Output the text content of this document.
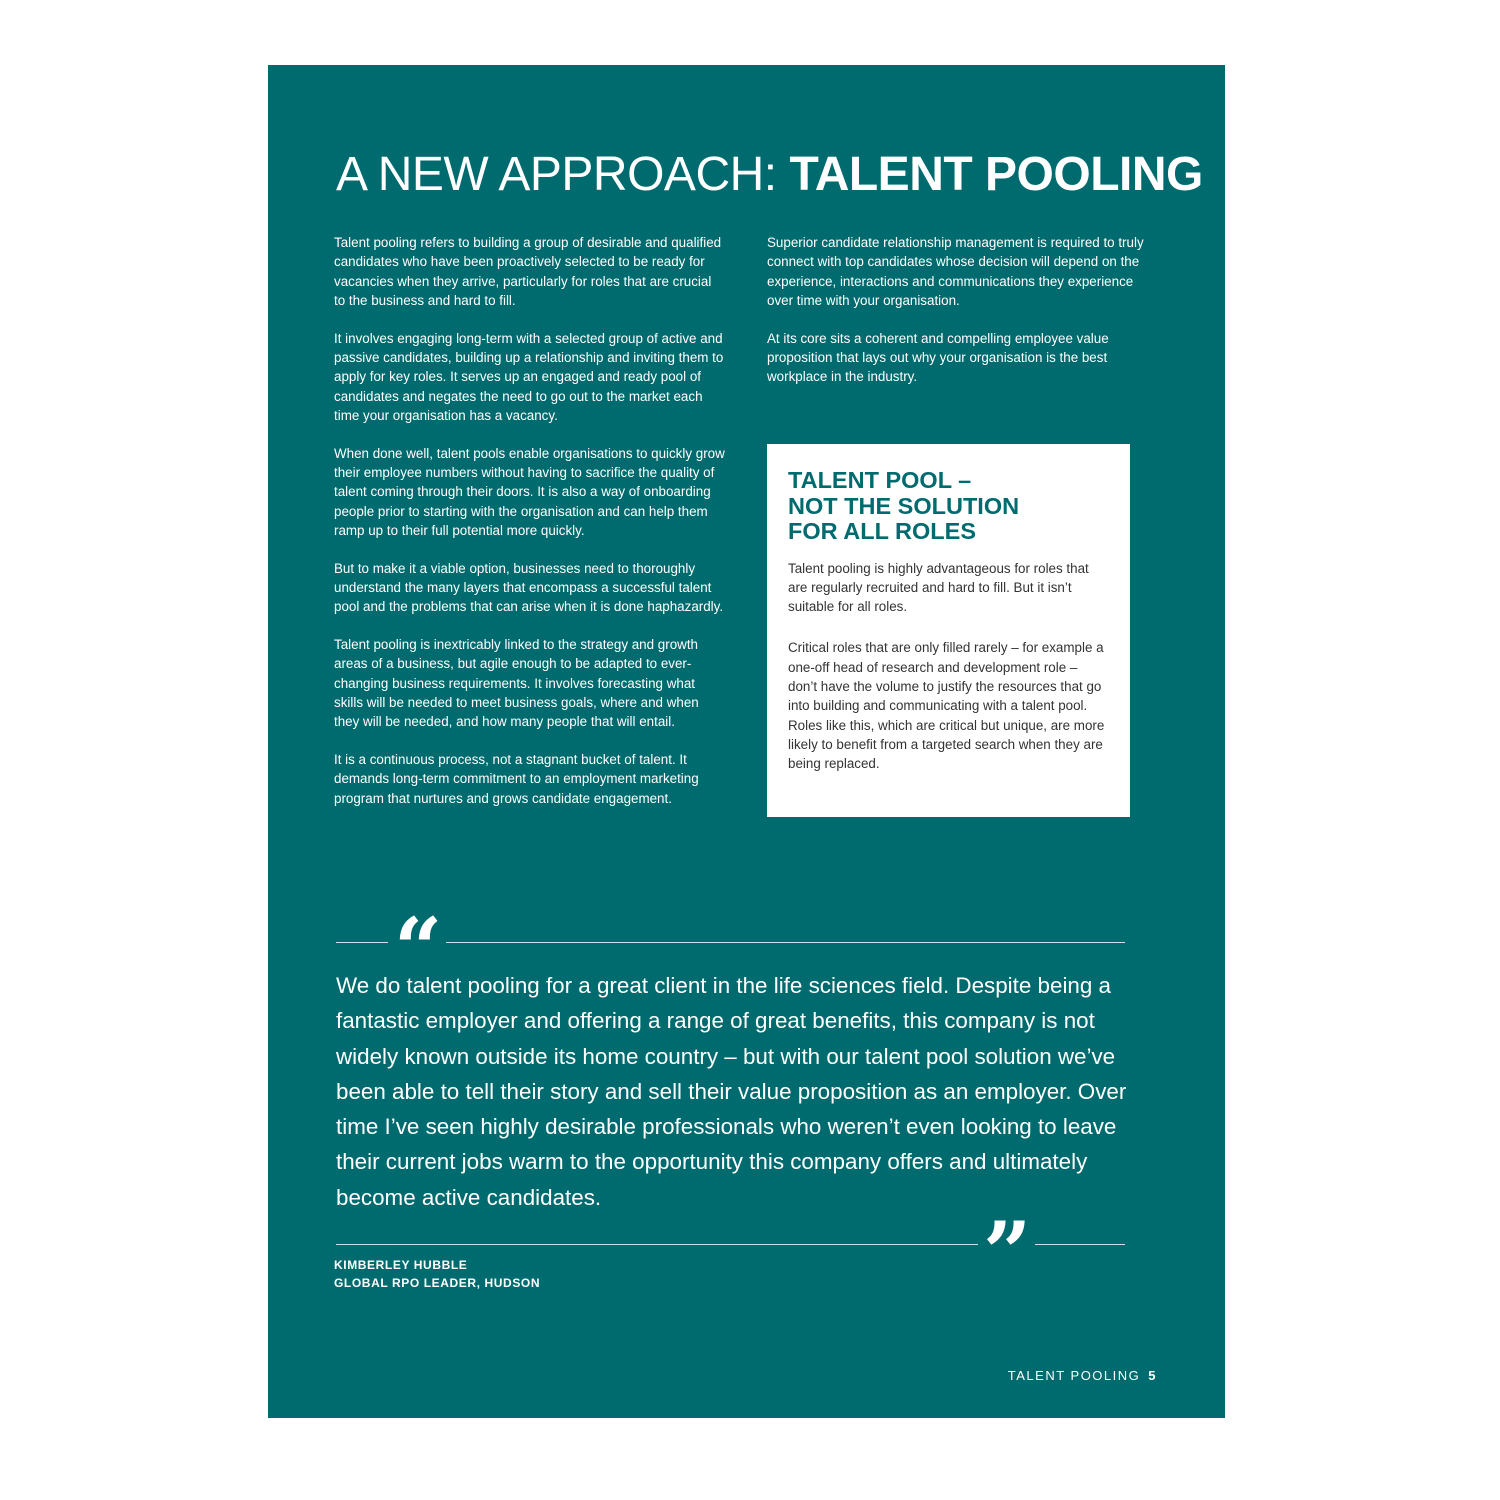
A NEW APPROACH: TALENT POOLING

Talent pooling refers to building a group of desirable and qualified candidates who have been proactively selected to be ready for vacancies when they arrive, particularly for roles that are crucial to the business and hard to fill.

It involves engaging long-term with a selected group of active and passive candidates, building up a relationship and inviting them to apply for key roles. It serves up an engaged and ready pool of candidates and negates the need to go out to the market each time your organisation has a vacancy.

When done well, talent pools enable organisations to quickly grow their employee numbers without having to sacrifice the quality of talent coming through their doors. It is also a way of onboarding people prior to starting with the organisation and can help them ramp up to their full potential more quickly.

But to make it a viable option, businesses need to thoroughly understand the many layers that encompass a successful talent pool and the problems that can arise when it is done haphazardly.

Talent pooling is inextricably linked to the strategy and growth areas of a business, but agile enough to be adapted to ever-changing business requirements. It involves forecasting what skills will be needed to meet business goals, where and when they will be needed, and how many people that will entail.

It is a continuous process, not a stagnant bucket of talent. It demands long-term commitment to an employment marketing program that nurtures and grows candidate engagement.

Superior candidate relationship management is required to truly connect with top candidates whose decision will depend on the experience, interactions and communications they experience over time with your organisation.

At its core sits a coherent and compelling employee value proposition that lays out why your organisation is the best workplace in the industry.

TALENT POOL –
NOT THE SOLUTION
FOR ALL ROLES

Talent pooling is highly advantageous for roles that are regularly recruited and hard to fill. But it isn’t suitable for all roles.

Critical roles that are only filled rarely – for example a one-off head of research and development role – don’t have the volume to justify the resources that go into building and communicating with a talent pool. Roles like this, which are critical but unique, are more likely to benefit from a targeted search when they are being replaced.

“

We do talent pooling for a great client in the life sciences field. Despite being a fantastic employer and offering a range of great benefits, this company is not widely known outside its home country – but with our talent pool solution we’ve been able to tell their story and sell their value proposition as an employer. Over time I’ve seen highly desirable professionals who weren’t even looking to leave their current jobs warm to the opportunity this company offers and ultimately become active candidates.

”
KIMBERLEY HUBBLE
GLOBAL RPO LEADER, HUDSON
TALENT POOLING 5
